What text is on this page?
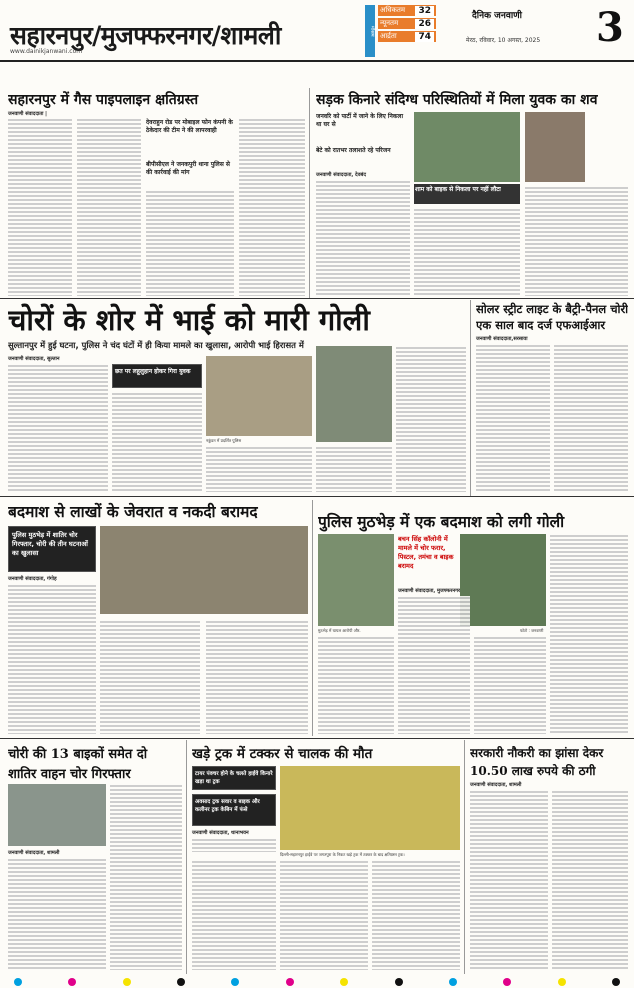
सहारनपुर/मुजफ्फरनगर/शामली
www.dainikjanwani.com
मौसम
अधिकतम	32
न्यूनतम	26
आर्द्रता	74
दैनिक जनवाणी
मेरठ, रविवार, 10 अगस्त, 2025 3
सहारनपुर में गैस पाइपलाइन क्षतिग्रस्त
जनवाणी संवाददाता |
देवराहुन रोड पर मोबाइल फोन कंपनी के ठेकेदार की टीम ने की लापरवाही
बीपीसीएल ने जनकपुरी थाना पुलिस से की कार्रवाई की मांग
सड़क किनारे संदिग्ध परिस्थितियों में मिला युवक का शव
जनवरि को पार्टी में जाने के लिए निकला था घर से
बेटे को रातभर तलाशते रहे परिजन
जनवाणी संवाददाता, देवबंद
शाम को बाइक से निकला पर नहीं लौटा
चोरों के शोर में भाई को मारी गोली
सुल्तानपुर में हुई घटना, पुलिस ने चंद घंटों में ही किया मामले का खुलासा, आरोपी भाई हिरासत में
जनवाणी संवाददाता, सुल्तान
छत पर लहूलुहान होकर गिरा युवक
नकुंडन में प्रदर्शित पुलिस
सोलर स्ट्रीट लाइट के बैट्री-पैनल चोरी
एक साल बाद दर्ज एफआईआर
जनवाणी संवाददाता,सरसावा
बदमाश से लाखों के जेवरात व नकदी बरामद
पुलिस मुठभेड़ में शातिर चोर गिरफ्तार, चोरी की तीन घटनाओं का खुलासा
जनवाणी संवाददाता, गंगोह
पुलिस मुठभेड़ में एक बदमाश को लगी गोली
मुठभेड़ में घायल आरोपी और.
बचन सिंह कॉलोनी में मामले में चोर फरार, पिस्टल, तमंचा व बाइक बरामद
जनवाणी संवाददाता, मुजफ्फरनगर
फोटो : जनवाणी
चोरी की 13 बाइकों समेत दो
शातिर वाहन चोर गिरफ्तार
जनवाणी संवाददाता, शामली
खड़े ट्रक में टक्कर से चालक की मौत
टायर पंक्चर होने के चलते हाईवे किनारे खड़ा था ट्रक
अवसाद ट्रक सवार व बाइक और कलीनर ट्रक केबिन में फंसे
जनवाणी संवाददाता, थानाभवन
दिल्ली-सहारनपुर हाईवे पर जगतपुरा के निकट खड़े ट्रक में टक्कर के बाद क्षतिग्रस्त ट्रक।
सरकारी नौकरी का झांसा देकर
10.50 लाख रुपये की ठगी
जनवाणी संवाददाता, शामली
